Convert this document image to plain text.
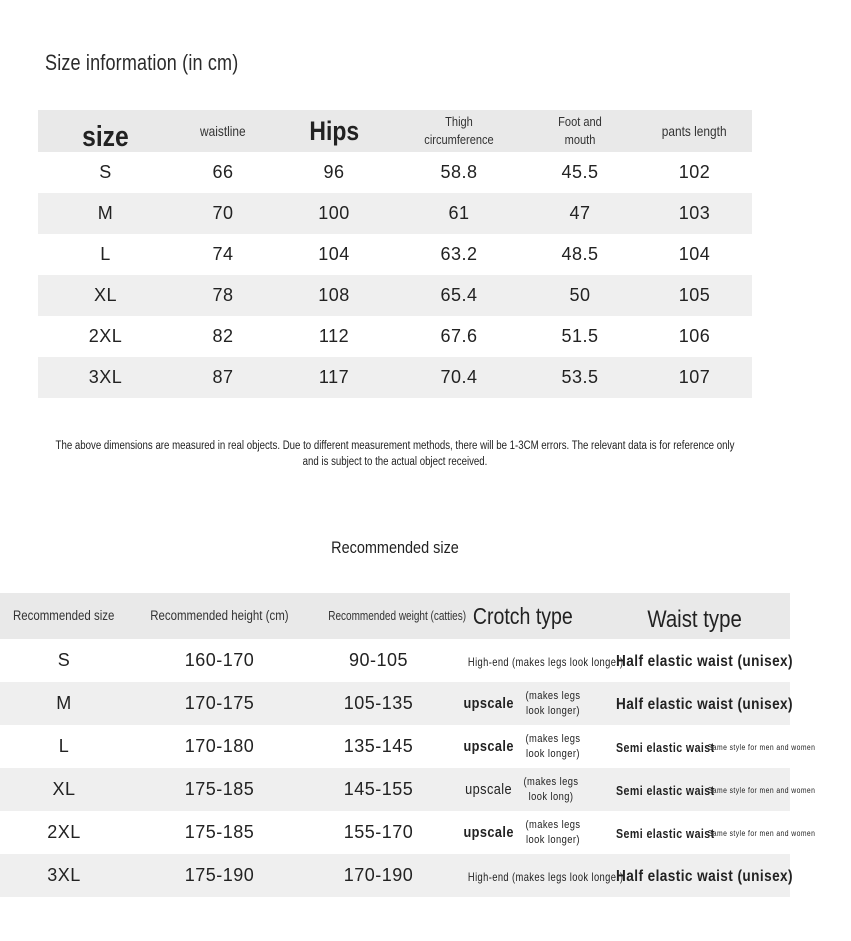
Size information (in cm)
size	waistline	Hips	Thigh circumference	Foot and mouth	pants length
S	66	96	58.8	45.5	102
M	70	100	61	47	103
L	74	104	63.2	48.5	104
XL	78	108	65.4	50	105
2XL	82	112	67.6	51.5	106
3XL	87	117	70.4	53.5	107
The above dimensions are measured in real objects. Due to different measurement methods, there will be 1-3CM errors. The relevant data is for reference only and is subject to the actual object received.
Recommended size
Recommended size	Recommended height (cm)	Recommended weight (catties)	Crotch type	Waist type
S	160-170	90-105	High-end (makes legs look longer)	Half elastic waist (unisex)
M	170-175	105-135	upscale (makes legs look longer)	Half elastic waist (unisex)
L	170-180	135-145	upscale (makes legs look longer)	Semi elastic waist
Same style for men and women

XL	175-185	145-155	upscale (makes legs look long)	Semi elastic waist
Same style for men and women

2XL	175-185	155-170	upscale (makes legs look longer)	Semi elastic waist
Same style for men and women

3XL	175-190	170-190	High-end (makes legs look longer)	Half elastic waist (unisex)
